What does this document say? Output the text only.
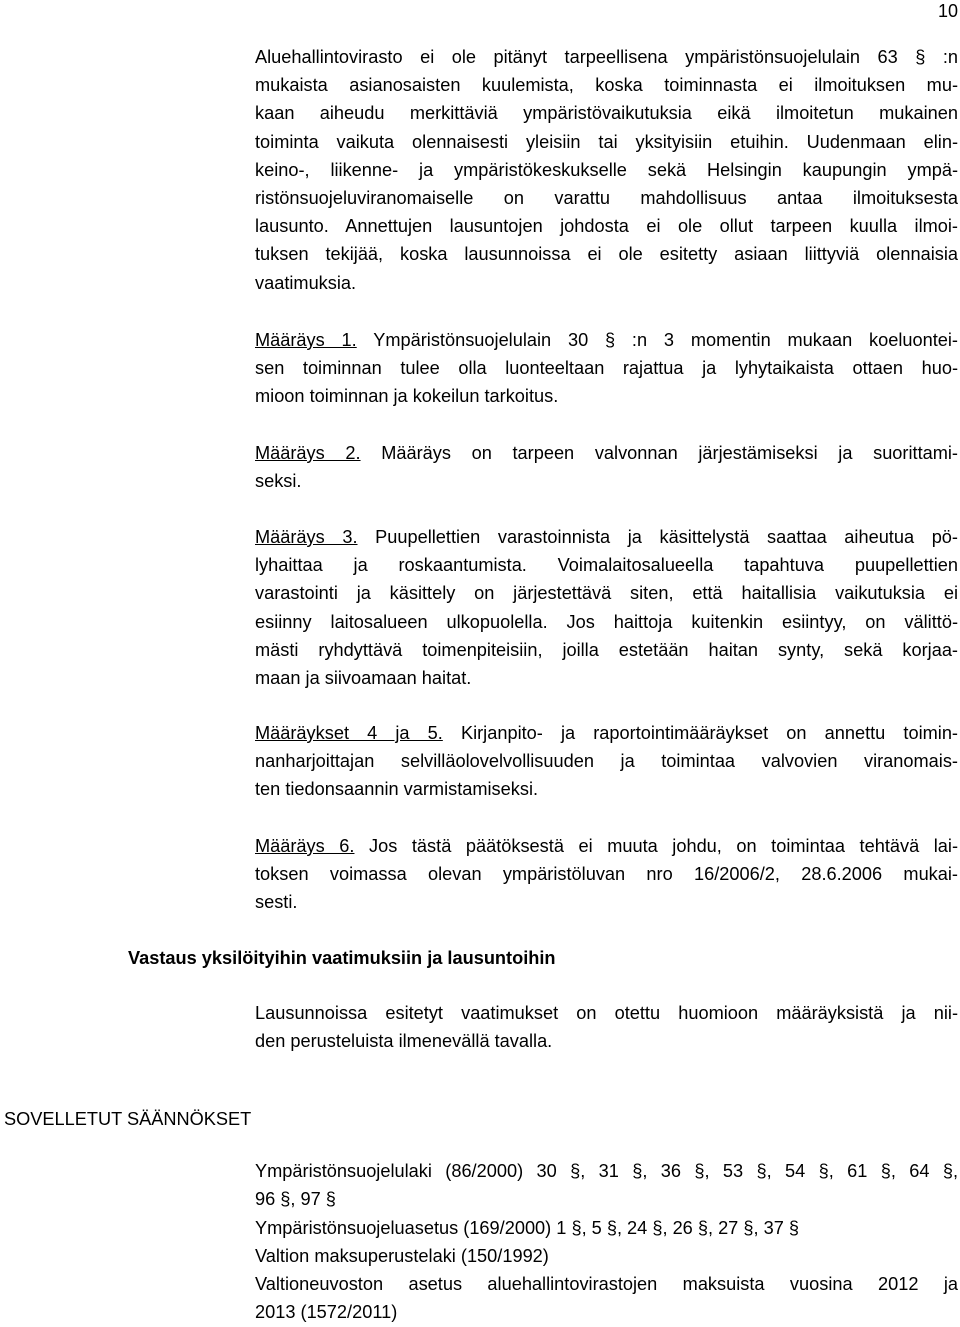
10
Aluehallintovirasto ei ole pitänyt tarpeellisena ympäristönsuojelulain 63 § :n
mukaista asianosaisten kuulemista, koska toiminnasta ei ilmoituksen mu-
kaan aiheudu merkittäviä ympäristövaikutuksia eikä ilmoitetun mukainen
toiminta vaikuta olennaisesti yleisiin tai yksityisiin etuihin. Uudenmaan elin-
keino-, liikenne- ja ympäristökeskukselle sekä Helsingin kaupungin ympä-
ristönsuojeluviranomaiselle on varattu mahdollisuus antaa ilmoituksesta
lausunto. Annettujen lausuntojen johdosta ei ole ollut tarpeen kuulla ilmoi-
tuksen tekijää, koska lausunnoissa ei ole esitetty asiaan liittyviä olennaisia
vaatimuksia.
Määräys 1. Ympäristönsuojelulain 30 § :n 3 momentin mukaan koeluontei-
sen toiminnan tulee olla luonteeltaan rajattua ja lyhytaikaista ottaen huo-
mioon toiminnan ja kokeilun tarkoitus.
Määräys 2. Määräys on tarpeen valvonnan järjestämiseksi ja suorittami-
seksi.
Määräys 3. Puupellettien varastoinnista ja käsittelystä saattaa aiheutua pö-
lyhaittaa ja roskaantumista. Voimalaitosalueella tapahtuva puupellettien
varastointi ja käsittely on järjestettävä siten, että haitallisia vaikutuksia ei
esiinny laitosalueen ulkopuolella. Jos haittoja kuitenkin esiintyy, on välittö-
mästi ryhdyttävä toimenpiteisiin, joilla estetään haitan synty, sekä korjaa-
maan ja siivoamaan haitat.
Määräykset 4 ja 5. Kirjanpito- ja raportointimääräykset on annettu toimin-
nanharjoittajan selvilläolovelvollisuuden ja toimintaa valvovien viranomais-
ten tiedonsaannin varmistamiseksi.
Määräys 6. Jos tästä päätöksestä ei muuta johdu, on toimintaa tehtävä lai-
toksen voimassa olevan ympäristöluvan nro 16/2006/2, 28.6.2006 mukai-
sesti.
Vastaus yksilöityihin vaatimuksiin ja lausuntoihin
Lausunnoissa esitetyt vaatimukset on otettu huomioon määräyksistä ja nii-
den perusteluista ilmenevällä tavalla.
SOVELLETUT SÄÄNNÖKSET
Ympäristönsuojelulaki (86/2000) 30 §, 31 §, 36 §, 53 §, 54 §, 61 §, 64 §,
96 §, 97 §
Ympäristönsuojeluasetus (169/2000) 1 §, 5 §, 24 §, 26 §, 27 §, 37 §
Valtion maksuperustelaki (150/1992)
Valtioneuvoston asetus aluehallintovirastojen maksuista vuosina 2012 ja
2013 (1572/2011)
